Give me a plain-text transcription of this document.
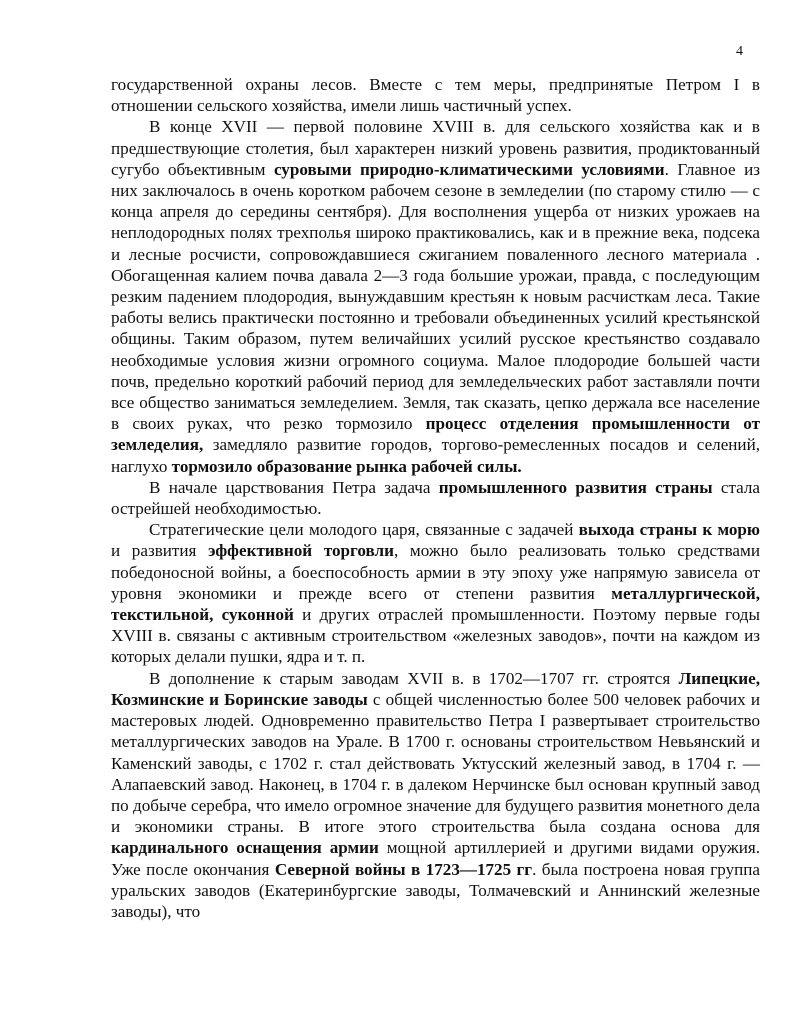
4

государственной охраны лесов. Вместе с тем меры, предпринятые Петром I в отношении сельского хозяйства, имели лишь частичный успех.

В конце XVII — первой половине XVIII в. для сельского хозяйства как и в предшествующие столетия, был характерен низкий уровень развития, продиктованный сугубо объективным суровыми природно-климатическими условиями. Главное из них заключалось в очень коротком рабочем сезоне в земледелии (по старому стилю — с конца апреля до середины сентября). Для восполнения ущерба от низких урожаев на неплодородных полях трехполья широко практиковались, как и в прежние века, подсека и лесные росчисти, сопровождавшиеся сжиганием поваленного лесного материала . Обогащенная калием почва давала 2—3 года большие урожаи, правда, с последующим резким падением плодородия, вынуждавшим крестьян к новым расчисткам леса. Такие работы велись практически постоянно и требовали объединенных усилий крестьянской общины. Таким образом, путем величайших усилий русское крестьянство создавало необходимые условия жизни огромного социума. Малое плодородие большей части почв, предельно короткий рабочий период для земледельческих работ заставляли почти все общество заниматься земледелием. Земля, так сказать, цепко держала все население в своих руках, что резко тормозило процесс отделения промышленности от земледелия, замедляло развитие городов, торгово-ремесленных посадов и селений, наглухо тормозило образование рынка рабочей силы.

В начале царствования Петра задача промышленного развития страны стала острейшей необходимостью.

Стратегические цели молодого царя, связанные с задачей выхода страны к морю и развития эффективной торговли, можно было реализовать только средствами победоносной войны, а боеспособность армии в эту эпоху уже напрямую зависела от уровня экономики и прежде всего от степени развития металлургической, текстильной, суконной и других отраслей промышленности. Поэтому первые годы XVIII в. связаны с активным строительством «железных заводов», почти на каждом из которых делали пушки, ядра и т. п.

В дополнение к старым заводам XVII в. в 1702—1707 гг. строятся Липецкие, Козминские и Боринские заводы с общей численностью более 500 человек рабочих и мастеровых людей. Одновременно правительство Петра I развертывает строительство металлургических заводов на Урале. В 1700 г. основаны строительством Невьянский и Каменский заводы, с 1702 г. стал действовать Уктусский железный завод, в 1704 г. — Алапаевский завод. Наконец, в 1704 г. в далеком Нерчинске был основан крупный завод по добыче серебра, что имело огромное значение для будущего развития монетного дела и экономики страны. В итоге этого строительства была создана основа для кардинального оснащения армии мощной артиллерией и другими видами оружия. Уже после окончания Северной войны в 1723—1725 гг. была построена новая группа уральских заводов (Екатеринбургские заводы, Толмачевский и Аннинский железные заводы), что
